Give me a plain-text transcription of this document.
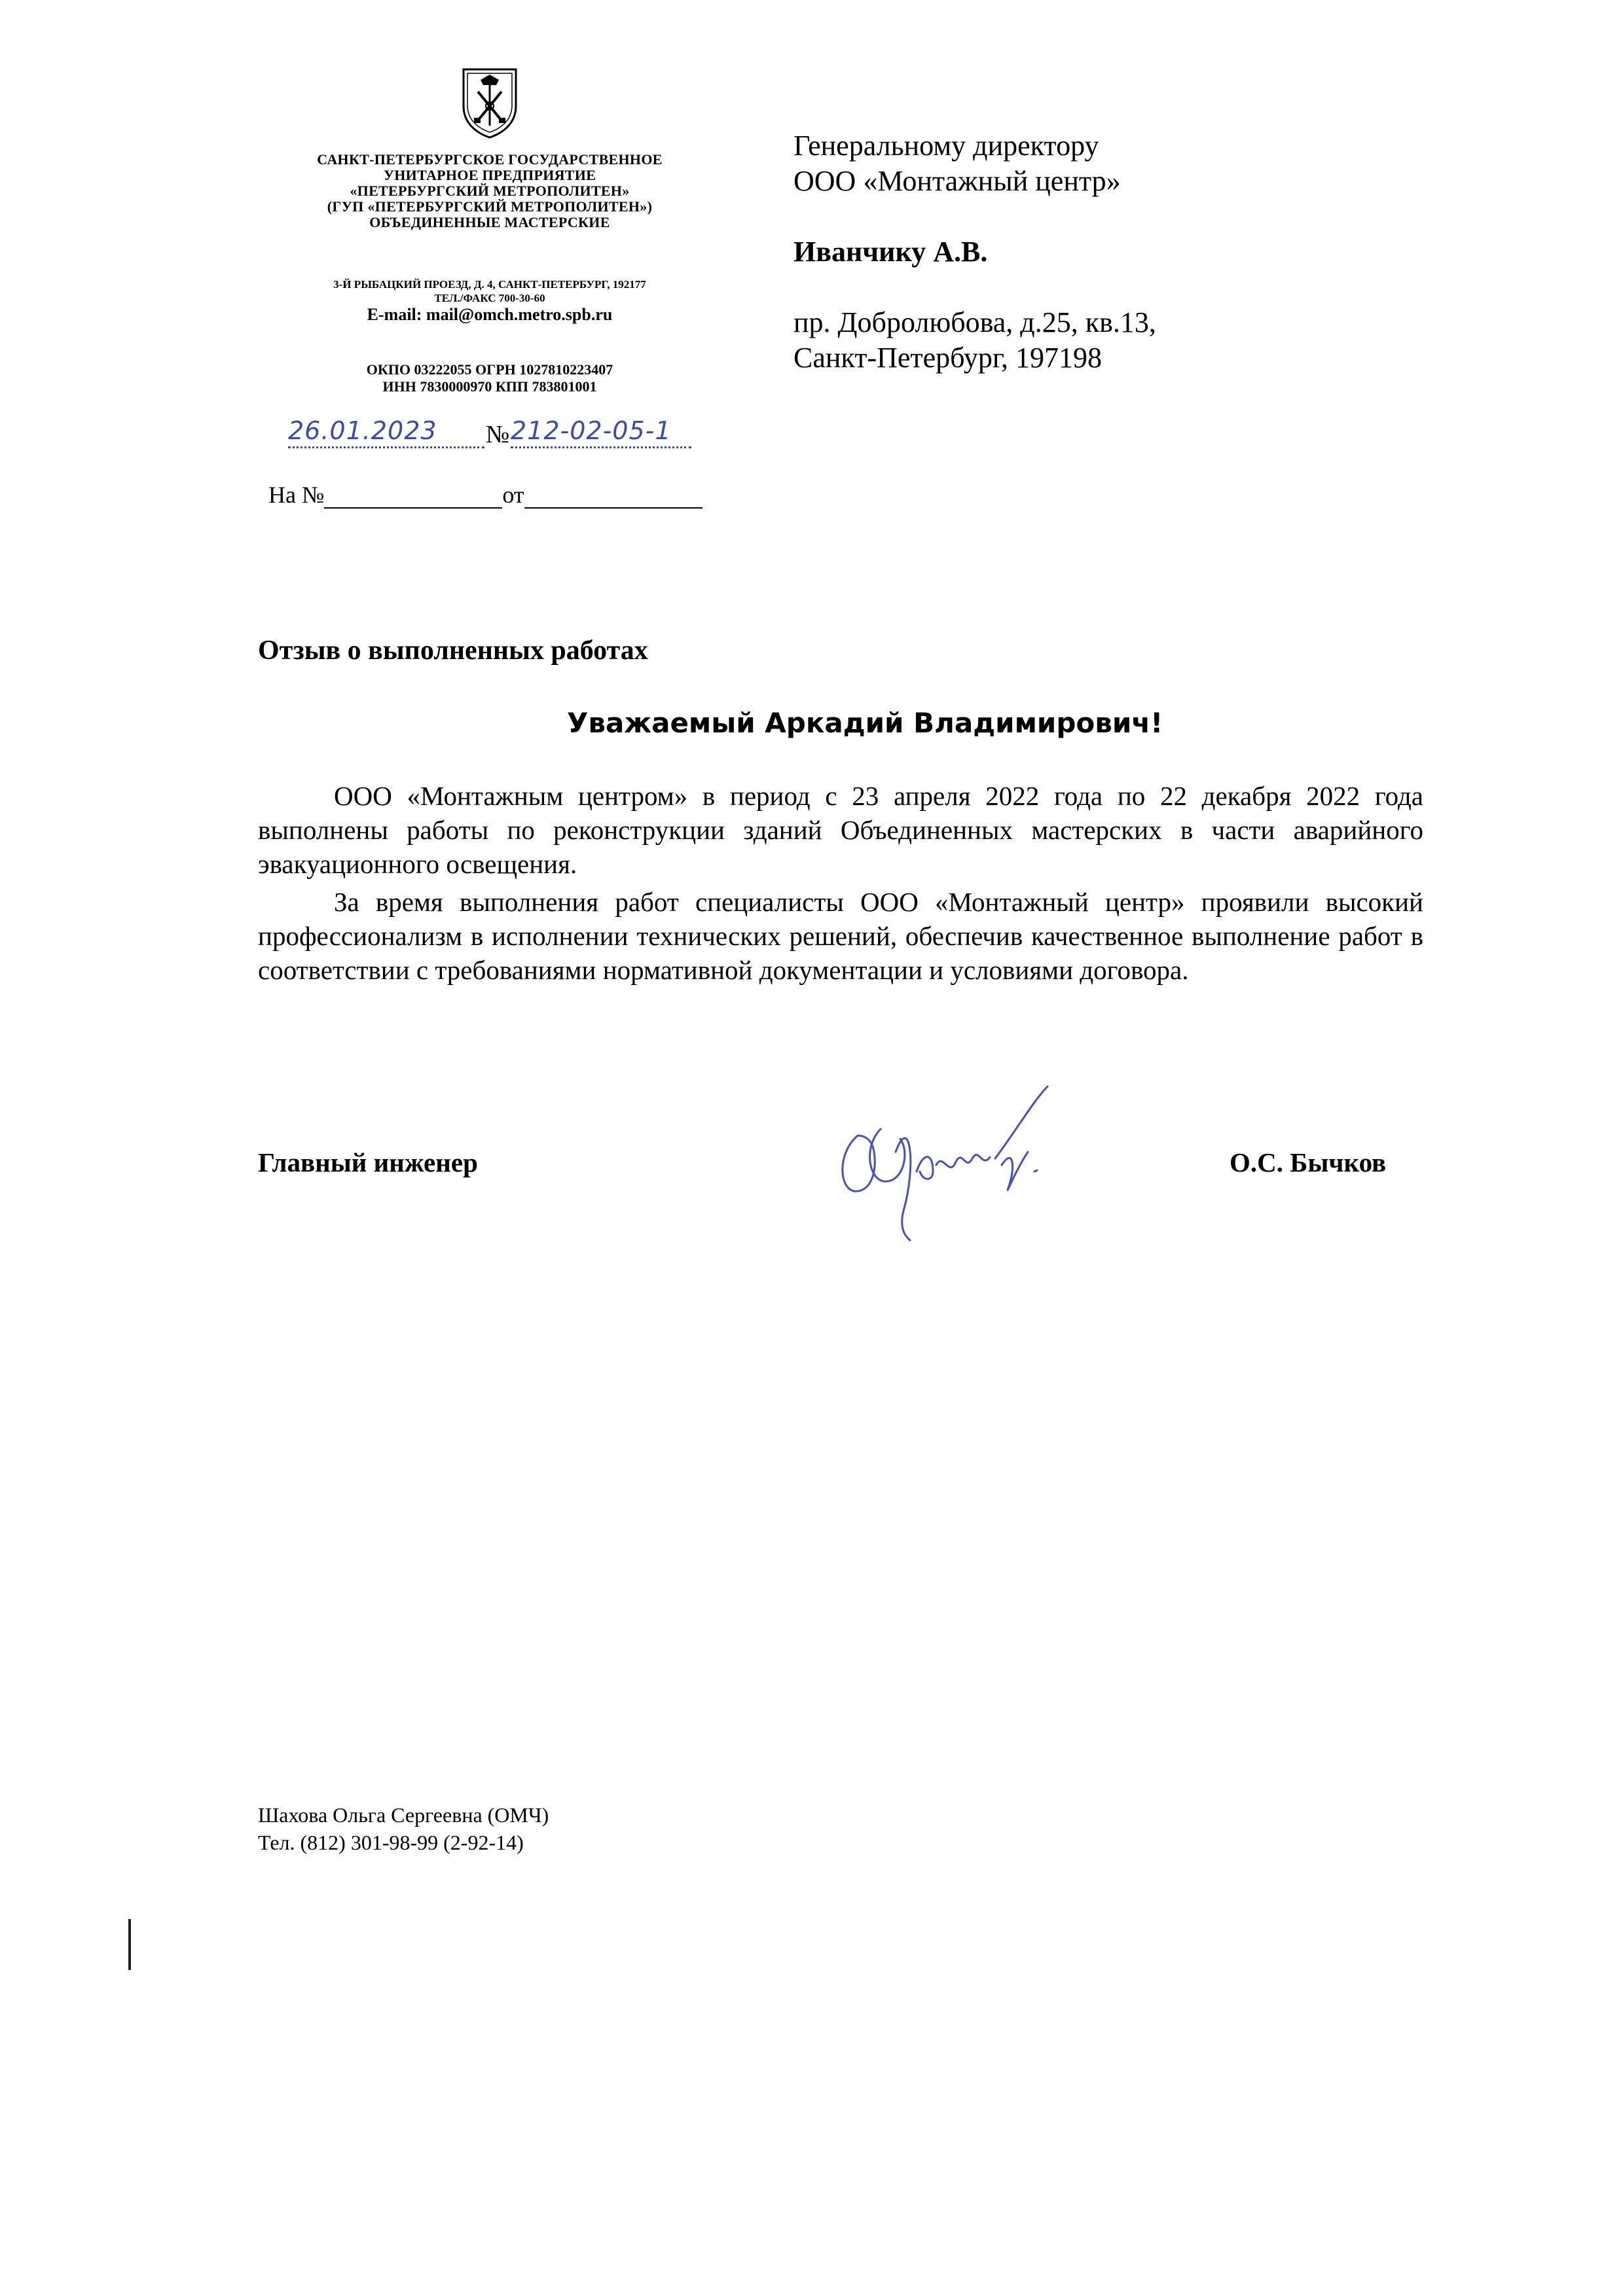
САНКТ-ПЕТЕРБУРГСКОЕ ГОСУДАРСТВЕННОЕ
УНИТАРНОЕ ПРЕДПРИЯТИЕ
«ПЕТЕРБУРГСКИЙ МЕТРОПОЛИТЕН»
(ГУП «ПЕТЕРБУРГСКИЙ МЕТРОПОЛИТЕН»)
ОБЪЕДИНЕННЫЕ МАСТЕРСКИЕ
3-Й РЫБАЦКИЙ ПРОЕЗД, Д. 4, САНКТ-ПЕТЕРБУРГ, 192177
ТЕЛ./ФАКС 700-30-60
E-mail: mail@omch.metro.spb.ru
ОКПО 03222055 ОГРН 1027810223407
ИНН 7830000970 КПП 783801001
26.01.2023	№ 212-02-05-1
На №	от
Генеральному директору
ООО «Монтажный центр»
Иванчику А.В.
пр. Добролюбова, д.25, кв.13,
Санкт-Петербург, 197198
Отзыв о выполненных работах
Уважаемый Аркадий Владимирович!
ООО «Монтажным центром» в период с 23 апреля 2022 года по 22 декабря 2022 года выполнены работы по реконструкции зданий Объединенных мастерских в части аварийного эвакуационного освещения.
За время выполнения работ специалисты ООО «Монтажный центр» проявили высокий профессионализм в исполнении технических решений, обеспечив качественное выполнение работ в соответствии с требованиями нормативной документации и условиями договора.
Главный инженер	О.С. Бычков
Шахова Ольга Сергеевна (ОМЧ)
Тел. (812) 301-98-99 (2-92-14)
